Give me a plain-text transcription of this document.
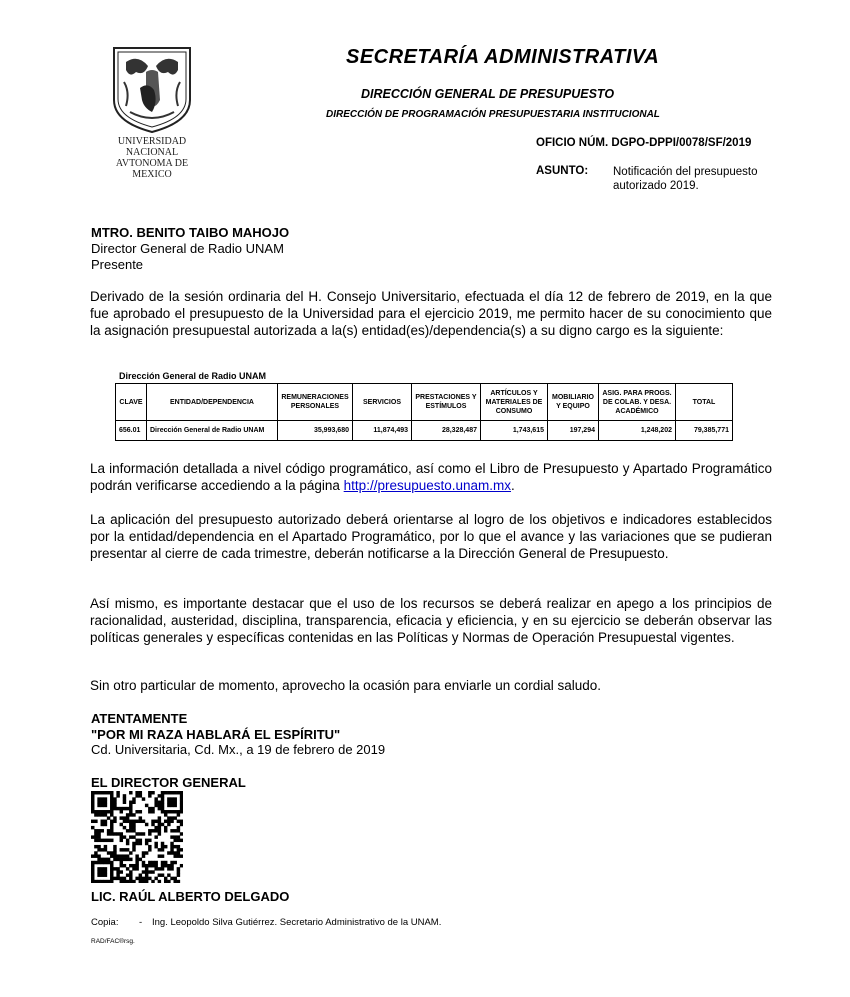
UNIVERSIDAD NACIONAL
AVTONOMA DE
MEXICO
SECRETARÍA ADMINISTRATIVA
DIRECCIÓN GENERAL DE PRESUPUESTO
DIRECCIÓN DE PROGRAMACIÓN PRESUPUESTARIA INSTITUCIONAL
OFICIO NÚM. DGPO-DPPI/0078/SF/2019
ASUNTO: Notificación del presupuesto autorizado 2019.
MTRO. BENITO TAIBO MAHOJO
Director General de Radio UNAM
Presente
Derivado de la sesión ordinaria del H. Consejo Universitario, efectuada el día 12 de febrero de 2019, en la que fue aprobado el presupuesto de la Universidad para el ejercicio 2019, me permito hacer de su conocimiento que la asignación presupuestal autorizada a la(s) entidad(es)/dependencia(s) a su digno cargo es la siguiente:
Dirección General de Radio UNAM
CLAVE	ENTIDAD/DEPENDENCIA	REMUNERACIONES PERSONALES	SERVICIOS	PRESTACIONES Y ESTÍMULOS	ARTÍCULOS Y MATERIALES DE CONSUMO	MOBILIARIO Y EQUIPO	ASIG. PARA PROGS. DE COLAB. Y DESA. ACADÉMICO	TOTAL
656.01	Dirección General de Radio UNAM	35,993,680	11,874,493	28,328,487	1,743,615	197,294	1,248,202	79,385,771
La información detallada a nivel código programático, así como el Libro de Presupuesto y Apartado Programático podrán verificarse accediendo a la página http://presupuesto.unam.mx.
La aplicación del presupuesto autorizado deberá orientarse al logro de los objetivos e indicadores establecidos por la entidad/dependencia en el Apartado Programático, por lo que el avance y las variaciones que se pudieran presentar al cierre de cada trimestre, deberán notificarse a la Dirección General de Presupuesto.
Así mismo, es importante destacar que el uso de los recursos se deberá realizar en apego a los principios de racionalidad, austeridad, disciplina, transparencia, eficacia y eficiencia, y en su ejercicio se deberán observar las políticas generales y específicas contenidas en las Políticas y Normas de Operación Presupuestal vigentes.
Sin otro particular de momento, aprovecho la ocasión para enviarle un cordial saludo.
ATENTAMENTE
"POR MI RAZA HABLARÁ EL ESPÍRITU"
Cd. Universitaria, Cd. Mx., a 19 de febrero de 2019
EL DIRECTOR GENERAL
LIC. RAÚL ALBERTO DELGADO
Copia: - Ing. Leopoldo Silva Gutiérrez. Secretario Administrativo de la UNAM.
RAD/FAC®rsg.
